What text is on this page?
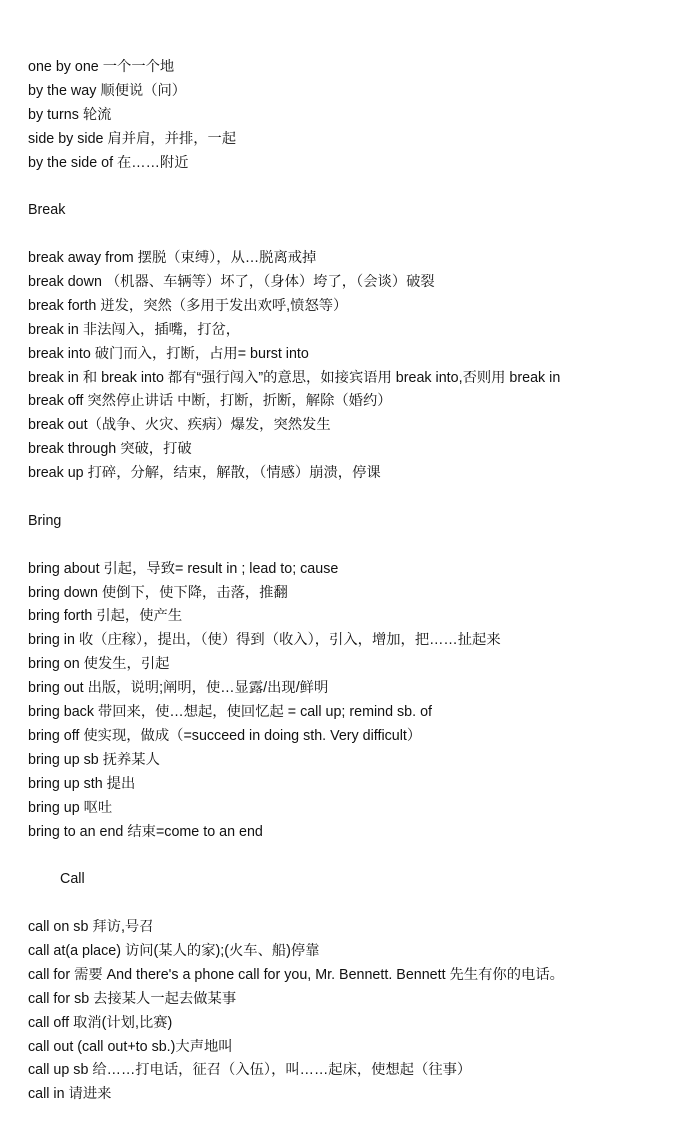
one by one 一个一个地
by the way 顺便说（问）
by turns 轮流
side by side 肩并肩，并排，一起
by the side of 在……附近
Break
break away from 摆脱（束缚），从…脱离戒掉
break down （机器、车辆等）坏了，（身体）垮了，（会谈）破裂
break forth 迸发，突然（多用于发出欢呼,愤怒等）
break in 非法闯入，插嘴，打岔，
break into 破门而入，打断，占用= burst into
break in 和 break into 都有“强行闯入”的意思，如接宾语用 break into,否则用 break in
break off 突然停止讲话 中断，打断，折断，解除（婚约）
break out（战争、火灾、疾病）爆发，突然发生
break through 突破，打破
break up 打碎，分解，结束，解散，（情感）崩溃，停课
Bring
bring about 引起，导致= result in ; lead to; cause
bring down 使倒下，使下降，击落，推翻
bring forth 引起，使产生
bring in 收（庄稼），提出，（使）得到（收入），引入，增加，把……扯起来
bring on 使发生，引起
bring out 出版，说明;阐明，使…显露/出现/鲜明
bring back 带回来，使…想起，使回忆起 = call up; remind sb. of
bring off 使实现，做成（=succeed in doing sth. Very difficult）
bring up sb 抚养某人
bring up sth 提出
bring up 呕吐
bring to an end 结束=come to an end
Call
call on sb 拜访,号召
call at(a place) 访问(某人的家);(火车、船)停靠
call for 需要 And there's a phone call for you, Mr. Bennett. Bennett 先生有你的电话。
call for sb 去接某人一起去做某事
call off 取消(计划,比赛)
call out (call out+to sb.)大声地叫
call up sb 给……打电话，征召（入伍），叫……起床，使想起（往事）
call in 请进来
